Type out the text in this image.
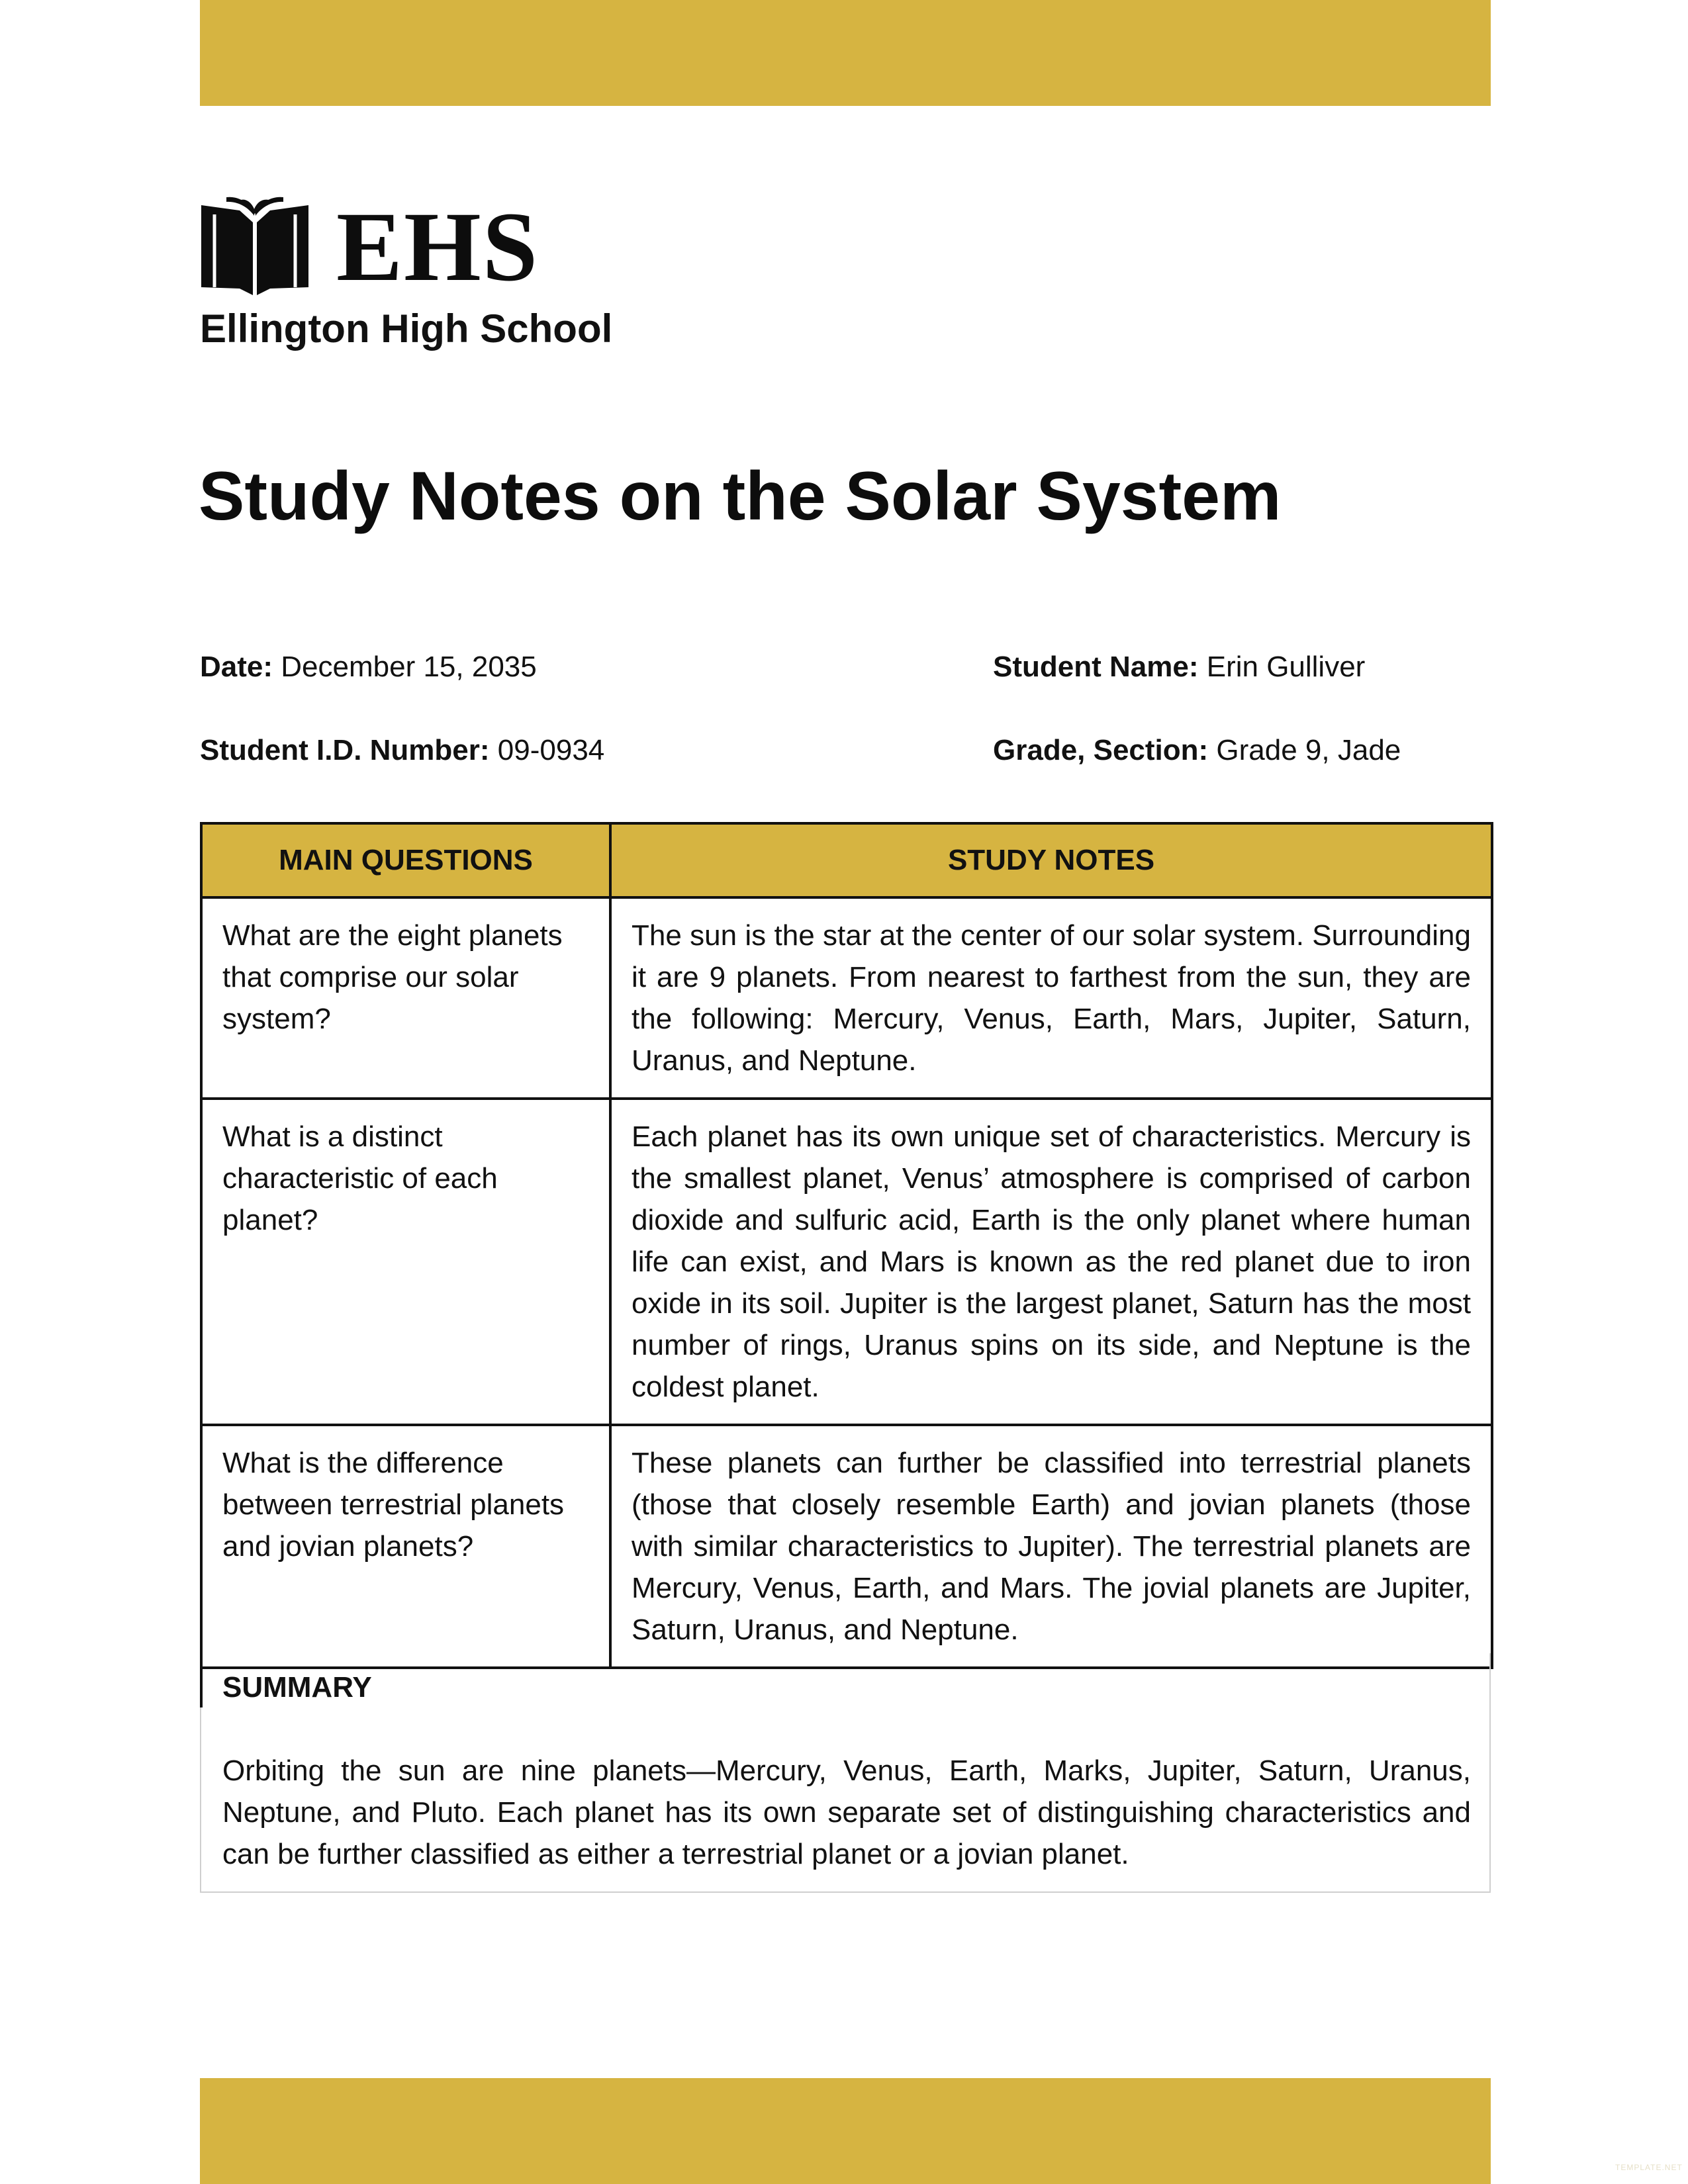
EHS
Ellington High School
Study Notes on the Solar System
Date: December 15, 2035	Student Name: Erin Gulliver
Student I.D. Number: 09-0934	Grade, Section: Grade 9, Jade
MAIN QUESTIONS	STUDY NOTES
What are the eight planets that comprise our solar system?	The sun is the star at the center of our solar system. Surrounding it are 9 planets. From nearest to farthest from the sun, they are the following: Mercury, Venus, Earth, Mars, Jupiter, Saturn, Uranus, and Neptune.
What is a distinct characteristic of each planet?	Each planet has its own unique set of characteristics. Mercury is the smallest planet, Venus’ atmosphere is comprised of carbon dioxide and sulfuric acid, Earth is the only planet where human life can exist, and Mars is known as the red planet due to iron oxide in its soil. Jupiter is the largest planet, Saturn has the most number of rings, Uranus spins on its side, and Neptune is the coldest planet.
What is the difference between terrestrial planets and jovian planets?	These planets can further be classified into terrestrial planets (those that closely resemble Earth) and jovian planets (those with similar characteristics to Jupiter). The terrestrial planets are Mercury, Venus, Earth, and Mars. The jovial planets are Jupiter, Saturn, Uranus, and Neptune.
SUMMARY
Orbiting the sun are nine planets—Mercury, Venus, Earth, Marks, Jupiter, Saturn, Uranus, Neptune, and Pluto. Each planet has its own separate set of distinguishing characteristics and can be further classified as either a terrestrial planet or a jovian planet.
TEMPLATE.NET
